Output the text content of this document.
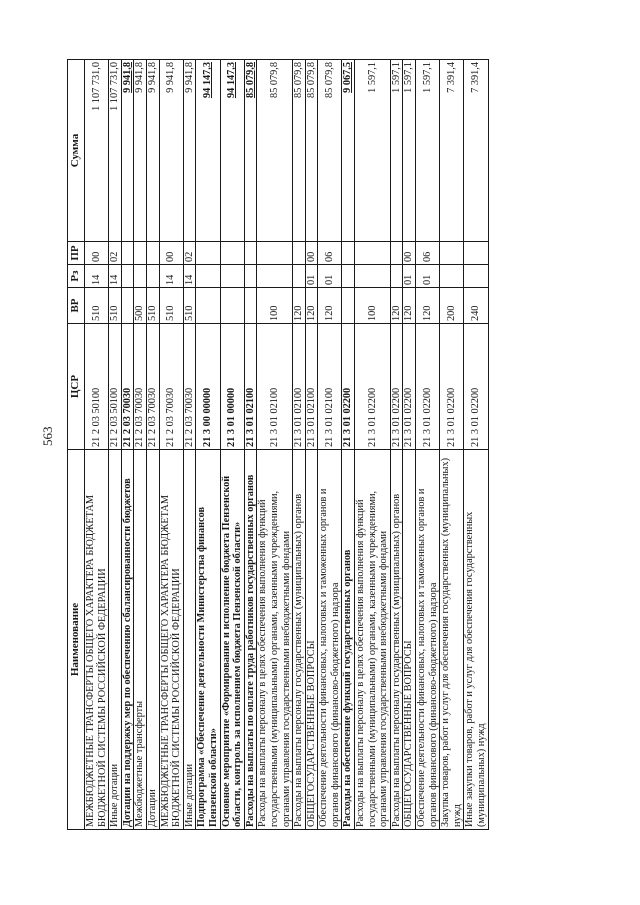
563
Наименование	ЦСР	ВР	Рз	ПР	Сумма
МЕЖБЮДЖЕТНЫЕ ТРАНСФЕРТЫ ОБЩЕГО ХАРАКТЕРА БЮДЖЕТАМ БЮДЖЕТНОЙ СИСТЕМЫ РОССИЙСКОЙ ФЕДЕРАЦИИ	21 2 03 50100	510	14	00	1 107 731,0
Иные дотации	21 2 03 50100	510	14	02	1 107 731,0
Дотации на поддержку мер по обеспечению сбалансированности бюджетов	21 2 03 70030				9 941,8
Межбюджетные трансферты	21 2 03 70030	500			9 941,8
Дотации	21 2 03 70030	510			9 941,8
МЕЖБЮДЖЕТНЫЕ ТРАНСФЕРТЫ ОБЩЕГО ХАРАКТЕРА БЮДЖЕТАМ БЮДЖЕТНОЙ СИСТЕМЫ РОССИЙСКОЙ ФЕДЕРАЦИИ	21 2 03 70030	510	14	00	9 941,8
Иные дотации	21 2 03 70030	510	14	02	9 941,8
Подпрограмма «Обеспечение деятельности Министерства финансов Пензенской области»	21 3 00 00000				94 147,3
Основное мероприятие «Формирование и исполнение бюджета Пензенской области, контроль за исполнением бюджета Пензенской области»	21 3 01 00000				94 147,3
Расходы на выплаты по оплате труда работников государственных органов	21 3 01 02100				85 079,8
Расходы на выплаты персоналу в целях обеспечения выполнения функций государственными (муниципальными) органами, казенными учреждениями, органами управления государственными внебюджетными фондами	21 3 01 02100	100			85 079,8
Расходы на выплаты персоналу государственных (муниципальных) органов	21 3 01 02100	120			85 079,8
ОБЩЕГОСУДАРСТВЕННЫЕ ВОПРОСЫ	21 3 01 02100	120	01	00	85 079,8
Обеспечение деятельности финансовых, налоговых и таможенных органов и органов финансового (финансово-бюджетного) надзора	21 3 01 02100	120	01	06	85 079,8
Расходы на обеспечение функций государственных органов	21 3 01 02200				9 067,5
Расходы на выплаты персоналу в целях обеспечения выполнения функций государственными (муниципальными) органами, казенными учреждениями, органами управления государственными внебюджетными фондами	21 3 01 02200	100			1 597,1
Расходы на выплаты персоналу государственных (муниципальных) органов	21 3 01 02200	120			1 597,1
ОБЩЕГОСУДАРСТВЕННЫЕ ВОПРОСЫ	21 3 01 02200	120	01	00	1 597,1
Обеспечение деятельности финансовых, налоговых и таможенных органов и органов финансового (финансово-бюджетного) надзора	21 3 01 02200	120	01	06	1 597,1
Закупка товаров, работ и услуг для обеспечения государственных (муниципальных) нужд	21 3 01 02200	200			7 391,4
Иные закупки товаров, работ и услуг для обеспечения государственных (муниципальных) нужд	21 3 01 02200	240			7 391,4
